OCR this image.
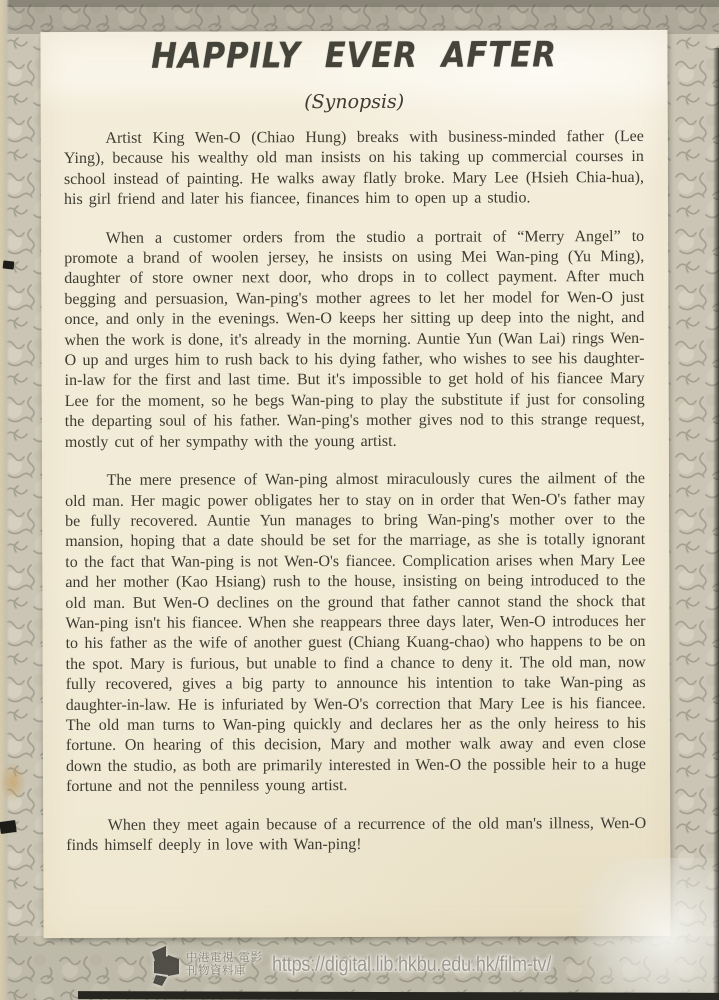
HAPPILY EVER AFTER
(Synopsis)

Artist King Wen-O (Chiao Hung) breaks with business-minded father (Lee Ying), because his wealthy old man insists on his taking up commercial courses in school instead of painting. He walks away flatly broke. Mary Lee (Hsieh Chia-hua), his girl friend and later his fiancee, finances him to open up a studio.

When a customer orders from the studio a portrait of “Merry Angel” to promote a brand of woolen jersey, he insists on using Mei Wan-ping (Yu Ming), daughter of store owner next door, who drops in to collect payment. After much begging and persuasion, Wan-ping's mother agrees to let her model for Wen-O just once, and only in the evenings. Wen-O keeps her sitting up deep into the night, and when the work is done, it's already in the morning. Auntie Yun (Wan Lai) rings Wen-O up and urges him to rush back to his dying father, who wishes to see his daughter-in-law for the first and last time. But it's impossible to get hold of his fiancee Mary Lee for the moment, so he begs Wan-ping to play the substitute if just for consoling the departing soul of his father. Wan-ping's mother gives nod to this strange request, mostly cut of her sympathy with the young artist.

The mere presence of Wan-ping almost miraculously cures the ailment of the old man. Her magic power obligates her to stay on in order that Wen-O's father may be fully recovered. Auntie Yun manages to bring Wan-ping's mother over to the mansion, hoping that a date should be set for the marriage, as she is totally ignorant to the fact that Wan-ping is not Wen-O's fiancee. Complication arises when Mary Lee and her mother (Kao Hsiang) rush to the house, insisting on being introduced to the old man. But Wen-O declines on the ground that father cannot stand the shock that Wan-ping isn't his fiancee. When she reappears three days later, Wen-O introduces her to his father as the wife of another guest (Chiang Kuang-chao) who happens to be on the spot. Mary is furious, but unable to find a chance to deny it. The old man, now fully recovered, gives a big party to announce his intention to take Wan-ping as daughter-in-law. He is infuriated by Wen-O's correction that Mary Lee is his fiancee. The old man turns to Wan-ping quickly and declares her as the only heiress to his fortune. On hearing of this decision, Mary and mother walk away and even close down the studio, as both are primarily interested in Wen-O the possible heir to a huge fortune and not the penniless young artist.

When they meet again because of a recurrence of the old man's illness, Wen-O finds himself deeply in love with Wan-ping!

中港電視·電影
刊物資料庫	https://digital.lib.hkbu.edu.hk/film-tv/
